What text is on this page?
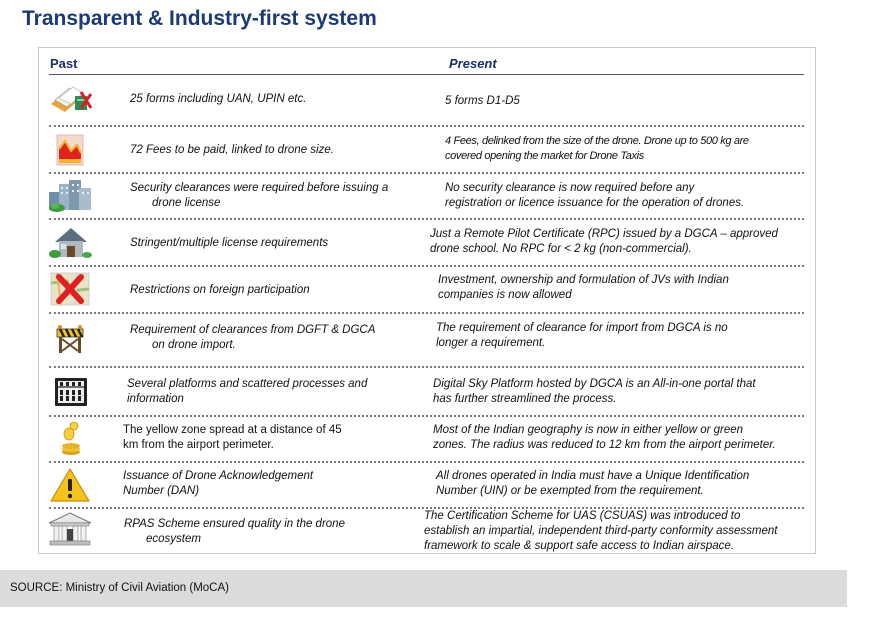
Transparent & Industry-first system
Past	Present
25 forms including UAN, UPIN etc.	5 forms D1-D5
72 Fees to be paid, linked to drone size.
4 Fees, delinked from the size of the drone. Drone up to 500 kg are
covered opening the market for Drone Taxis
Security clearances were required before issuing a
drone license
No security clearance is now required before any
registration or licence issuance for the operation of drones.
Stringent/multiple license requirements
Just a Remote Pilot Certificate (RPC) issued by a DGCA – approved
drone school. No RPC for < 2 kg (non-commercial).
Restrictions on foreign participation
Investment, ownership and formulation of JVs with Indian
companies is now allowed
Requirement of clearances from DGFT & DGCA
on drone import.
The requirement of clearance for import from DGCA is no
longer a requirement.
Several platforms and scattered processes and
information
Digital Sky Platform hosted by DGCA is an All-in-one portal that
has further streamlined the process.
The yellow zone spread at a distance of 45
km from the airport perimeter.
Most of the Indian geography is now in either yellow or green
zones. The radius was reduced to 12 km from the airport perimeter.
Issuance of Drone Acknowledgement
Number (DAN)
All drones operated in India must have a Unique Identification
Number (UIN) or be exempted from the requirement.
RPAS Scheme ensured quality in the drone
ecosystem
The Certification Scheme for UAS (CSUAS) was introduced to
establish an impartial, independent third-party conformity assessment
framework to scale & support safe access to Indian airspace.
SOURCE: Ministry of Civil Aviation (MoCA)
